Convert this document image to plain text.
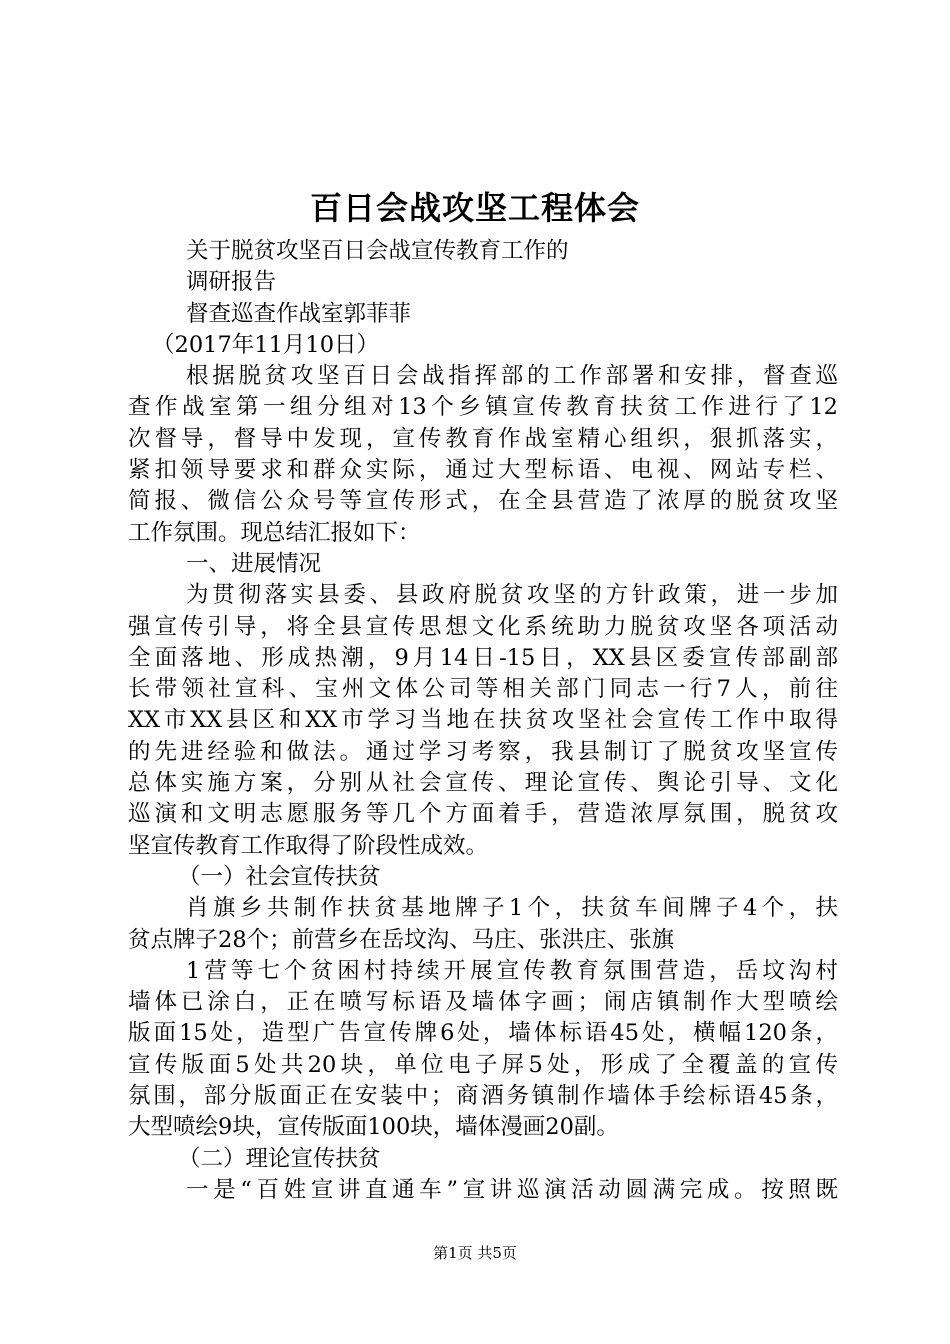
百日会战攻坚工程体会
关于脱贫攻坚百日会战宣传教育工作的
调研报告
督查巡查作战室郭菲菲
（2017年11月10日）
根据脱贫攻坚百日会战指挥部的工作部署和安排，督查巡
查作战室第一组分组对13个乡镇宣传教育扶贫工作进行了12
次督导，督导中发现，宣传教育作战室精心组织，狠抓落实，
紧扣领导要求和群众实际，通过大型标语、电视、网站专栏、
简报、微信公众号等宣传形式，在全县营造了浓厚的脱贫攻坚
工作氛围。现总结汇报如下：
一、进展情况
为贯彻落实县委、县政府脱贫攻坚的方针政策，进一步加
强宣传引导，将全县宣传思想文化系统助力脱贫攻坚各项活动
全面落地、形成热潮，9月14日-15日，XX县区委宣传部副部
长带领社宣科、宝州文体公司等相关部门同志一行7人，前往
XX市XX县区和XX市学习当地在扶贫攻坚社会宣传工作中取得
的先进经验和做法。通过学习考察，我县制订了脱贫攻坚宣传
总体实施方案，分别从社会宣传、理论宣传、舆论引导、文化
巡演和文明志愿服务等几个方面着手，营造浓厚氛围，脱贫攻
坚宣传教育工作取得了阶段性成效。
（一）社会宣传扶贫
肖旗乡共制作扶贫基地牌子1个，扶贫车间牌子4个，扶
贫点牌子28个；前营乡在岳坟沟、马庄、张洪庄、张旗
1营等七个贫困村持续开展宣传教育氛围营造，岳坟沟村
墙体已涂白，正在喷写标语及墙体字画；闹店镇制作大型喷绘
版面15处，造型广告宣传牌6处，墙体标语45处，横幅120条，
宣传版面5处共20块，单位电子屏5处，形成了全覆盖的宣传
氛围，部分版面正在安装中；商酒务镇制作墙体手绘标语45条，
大型喷绘9块，宣传版面100块，墙体漫画20副。
（二）理论宣传扶贫
一是“百姓宣讲直通车”宣讲巡演活动圆满完成。按照既
第1页 共5页
